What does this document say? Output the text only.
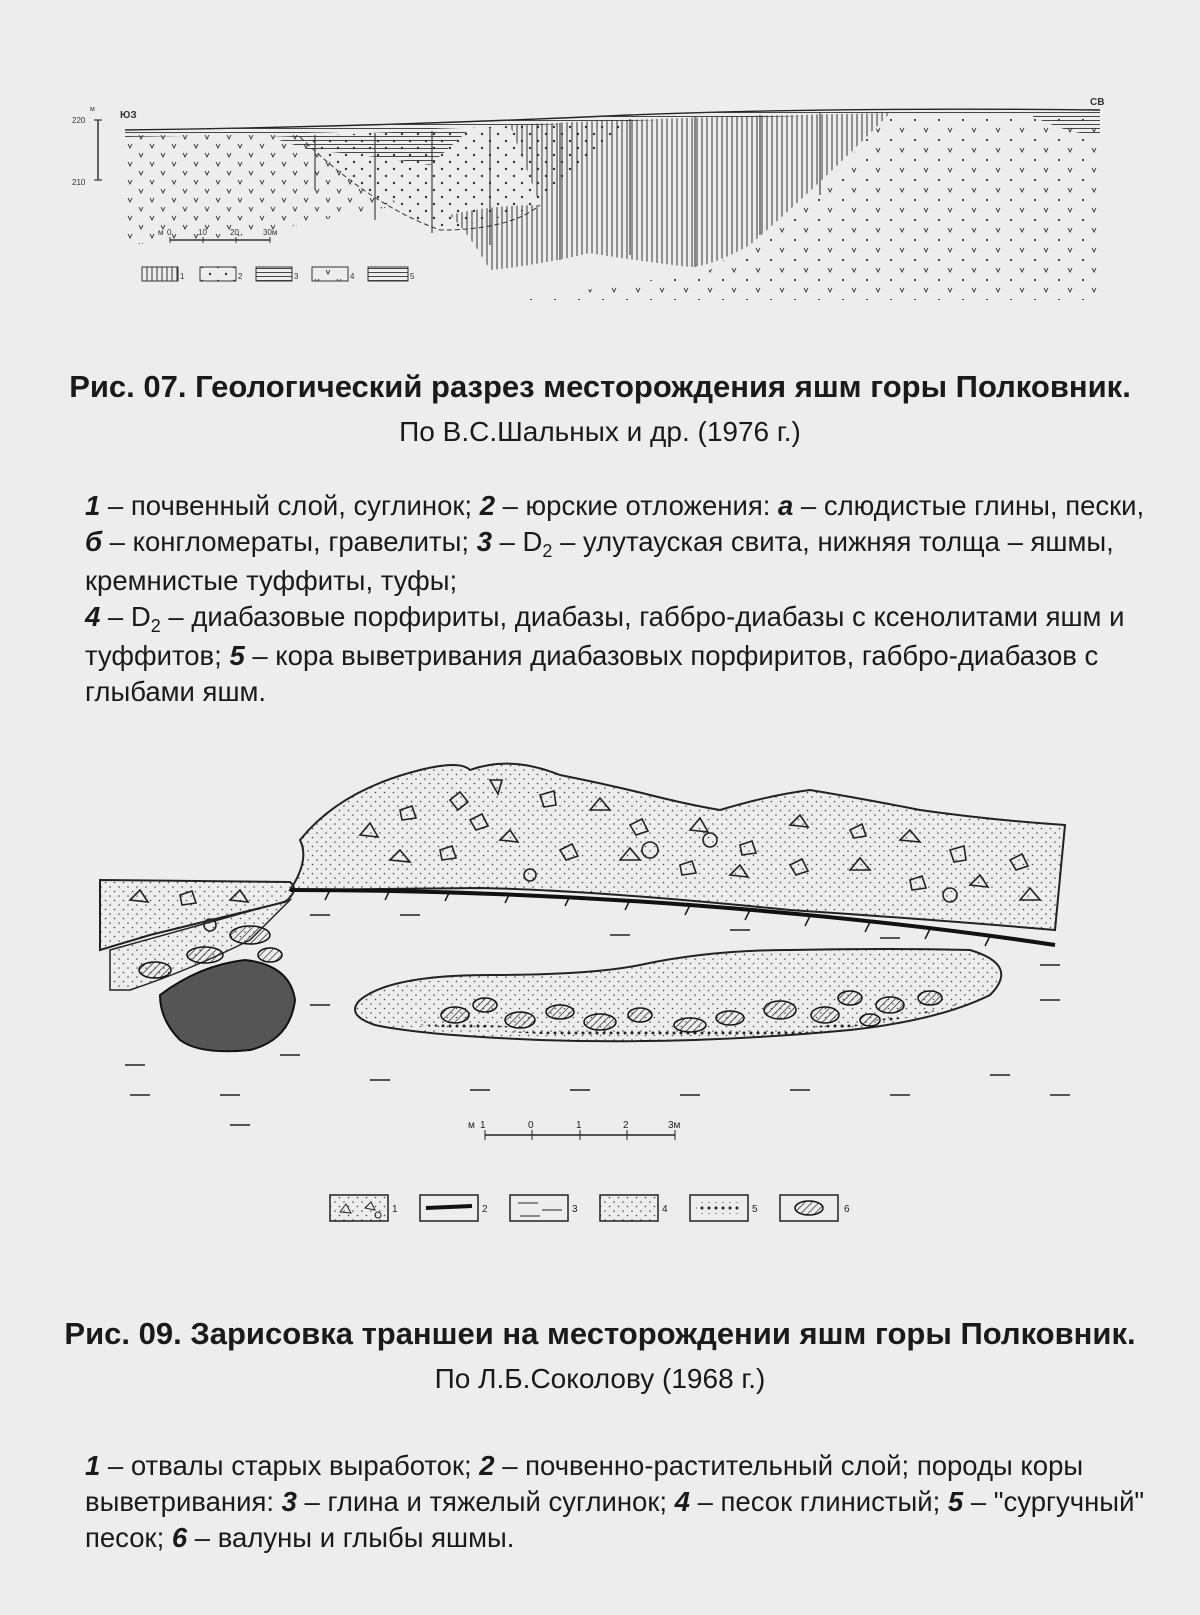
м
220
210
ЮЗ
СВ
м 0	10	20	30м
1	2	3	4	5
Рис. 07. Геологический разрез месторождения яшм горы Полковник. По В.С.Шальных и др. (1976 г.)
1 – почвенный слой, суглинок; 2 – юрские отложения: а – слюдистые глины, пески, б – конгломераты, гравелиты; $3 - D_2$ – улутауская свита, нижняя толща – яшмы, кремнистые туффиты, туфы;
$4 - D_2$ – диабазовые порфириты, диабазы, габбро-диабазы с ксенолитами яшм и туффитов; 5 – кора выветривания диабазовых порфиритов, габбро-диабазов с глыбами яшм.
м 1	0	1	2	3м
1	2	3	4	5	6
Рис. 09. Зарисовка траншеи на месторождении яшм горы Полковник. По Л.Б.Соколову (1968 г.)
1 – отвалы старых выработок; 2 – почвенно-растительный слой; породы коры выветривания: 3 – глина и тяжелый суглинок; 4 – песок глинистый; 5 – "сургучный" песок; 6 – валуны и глыбы яшмы.
